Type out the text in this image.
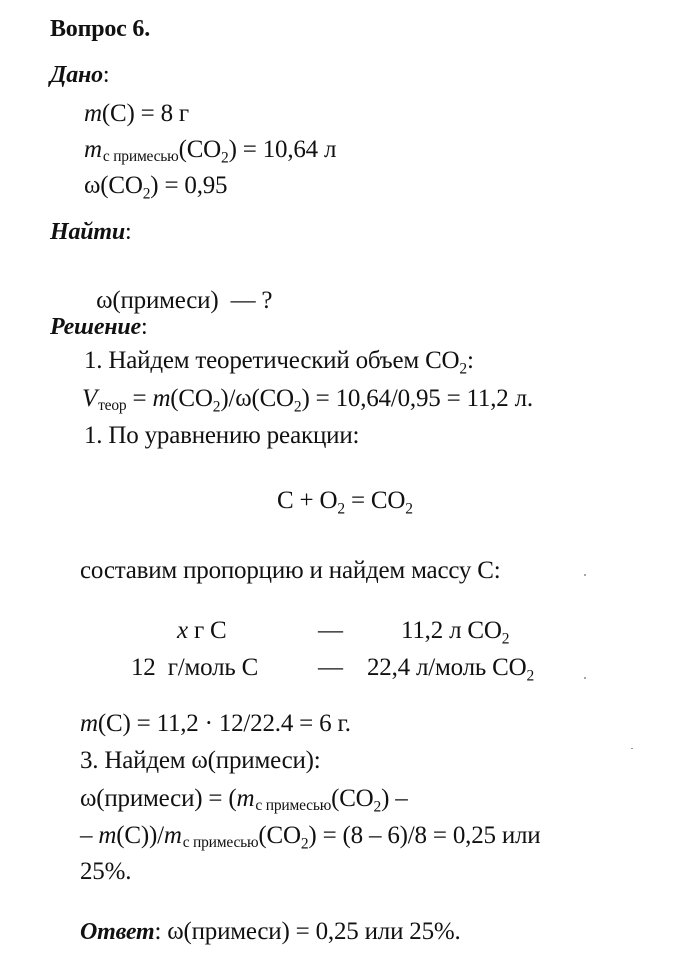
Вопрос 6.
Дано:
m(C) = 8 г
mс $примесью(CO_2) = 10,64$ л
$\omega(CO_2) = 0,95$
Найти:

ω(примеси)  — ?

Решение:
1. Найдем теоретический объем $CO_2$:
Vтеор = $m(CO_2)/\omega(CO_2) = 10,64/0,95 = 11,2$ л.
1. По уравнению реакции:
$C + O_2 = CO_2$
составим пропорцию и найдем массу C:
x г C	— 11,2 л $CO_2$
12  г/моль C — 22,4 л/моль $CO_2$
m(C) = 11,2 · 12/22.4 = 6 г.
3. Найдем ω(примеси):
ω(примеси) = (mс $примесью(CO_2)$ –
– m(C))/mс $примесью(CO_2) = (8 - 6)/8 = 0,25$ или
25%.
Ответ: ω(примеси) = 0,25 или 25%.
